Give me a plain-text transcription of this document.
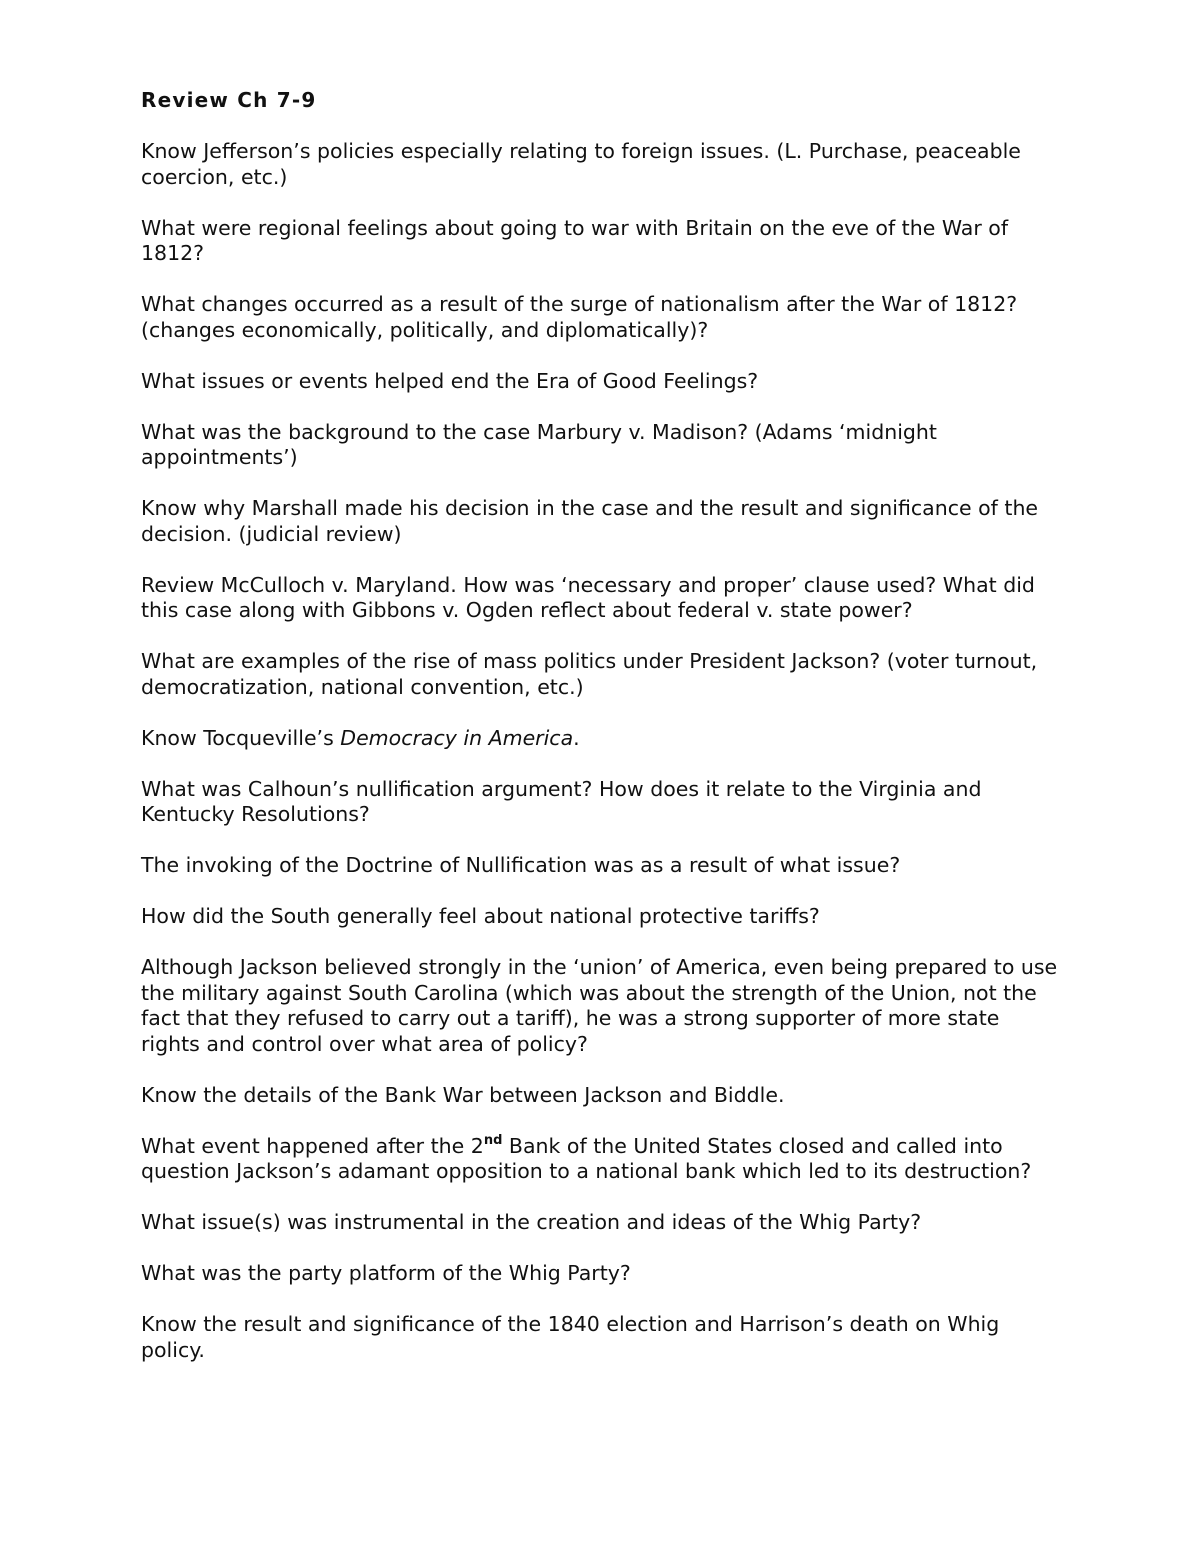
Review Ch 7-9

Know Jefferson’s policies especially relating to foreign issues. (L. Purchase, peaceable coercion, etc.)

What were regional feelings about going to war with Britain on the eve of the War of 1812?

What changes occurred as a result of the surge of nationalism after the War of 1812? (changes economically, politically, and diplomatically)?

What issues or events helped end the Era of Good Feelings?

What was the background to the case Marbury v. Madison? (Adams ‘midnight appointments’)

Know why Marshall made his decision in the case and the result and significance of the decision. (judicial review)

Review McCulloch v. Maryland. How was ‘necessary and proper’ clause used? What did this case along with Gibbons v. Ogden reflect about federal v. state power?

What are examples of the rise of mass politics under President Jackson? (voter turnout, democratization, national convention, etc.)

Know Tocqueville’s Democracy in America.

What was Calhoun’s nullification argument? How does it relate to the Virginia and Kentucky Resolutions?

The invoking of the Doctrine of Nullification was as a result of what issue?

How did the South generally feel about national protective tariffs?

Although Jackson believed strongly in the ‘union’ of America, even being prepared to use the military against South Carolina (which was about the strength of the Union, not the fact that they refused to carry out a tariff), he was a strong supporter of more state rights and control over what area of policy?

Know the details of the Bank War between Jackson and Biddle.

What event happened after the 2nd Bank of the United States closed and called into question Jackson’s adamant opposition to a national bank which led to its destruction?

What issue(s) was instrumental in the creation and ideas of the Whig Party?

What was the party platform of the Whig Party?

Know the result and significance of the 1840 election and Harrison’s death on Whig policy.
